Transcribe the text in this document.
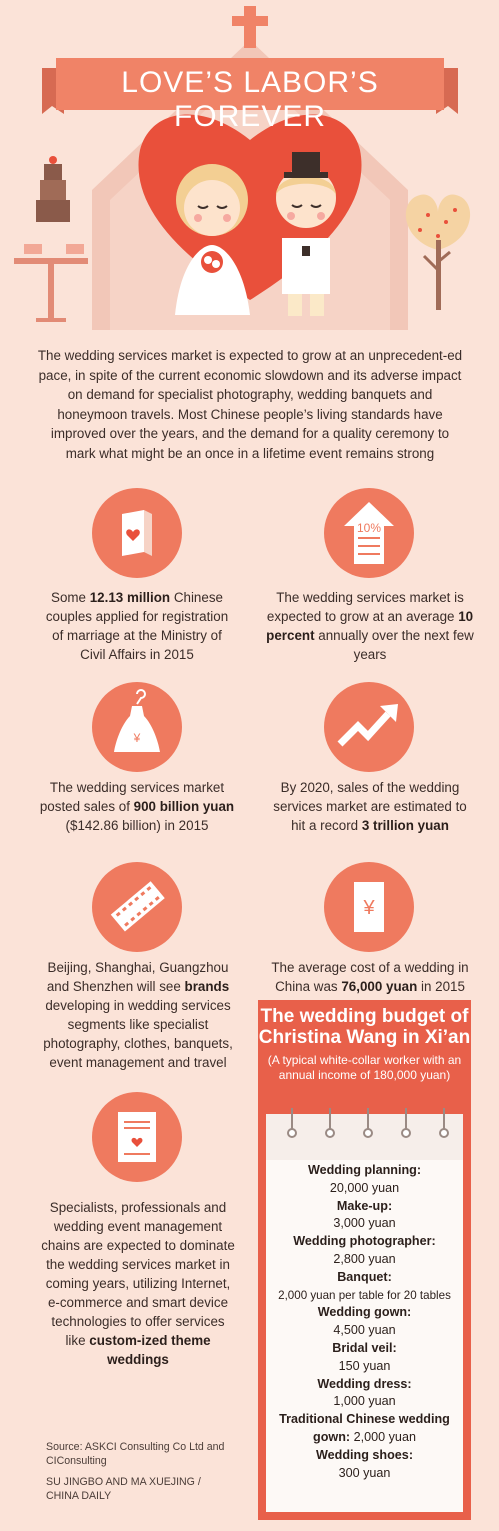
LOVE’S LABOR’S FOREVER
The wedding services market is expected to grow at an unprecedent-ed pace, in spite of the current economic slowdown and its adverse impact on demand for specialist photography, wedding banquets and honeymoon travels. Most Chinese people’s living standards have improved over the years, and the demand for a quality ceremony to mark what might be an once in a lifetime event remains strong
10%
¥
¥
Some 12.13 million Chinese couples applied for registration of marriage at the Ministry of Civil Affairs in 2015
The wedding services market is expected to grow at an average 10 percent annually over the next few years
The wedding services market posted sales of 900 billion yuan ($142.86 billion) in 2015
By 2020, sales of the wedding services market are estimated to hit a record 3 trillion yuan
Beijing, Shanghai, Guangzhou and Shenzhen will see brands developing in wedding services segments like specialist photography, clothes, banquets, event management and travel
The average cost of a wedding in China was 76,000 yuan in 2015
Specialists, professionals and wedding event management chains are expected to dominate the wedding services market in coming years, utilizing Internet, e-commerce and smart device technologies to offer services like custom-ized theme weddings
The wedding budget of Christina Wang in Xi’an
(A typical white-collar worker with an annual income of 180,000 yuan)
Wedding planning:
20,000 yuan
Make-up:
3,000 yuan
Wedding photographer:
2,800 yuan
Banquet:
2,000 yuan per table for 20 tables
Wedding gown:
4,500 yuan
Bridal veil:
150 yuan
Wedding dress:
1,000 yuan
Traditional Chinese wedding gown: 2,000 yuan
Wedding shoes:
300 yuan
Source: ASKCI Consulting Co Ltd and CIConsulting
SU JINGBO AND MA XUEJING / CHINA DAILY
